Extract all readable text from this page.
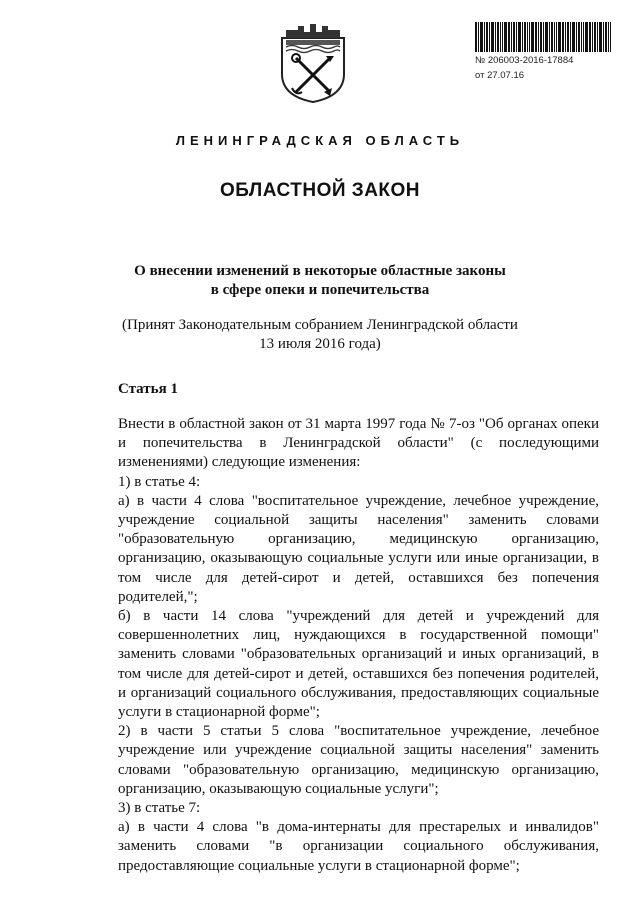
№ 206003-2016-17884
от 27.07.16
ЛЕНИНГРАДСКАЯ ОБЛАСТЬ
ОБЛАСТНОЙ ЗАКОН
О внесении изменений в некоторые областные законы
в сфере опеки и попечительства
(Принят Законодательным собранием Ленинградской области
13 июля 2016 года)
Статья 1

Внести в областной закон от 31 марта 1997 года № 7-оз "Об органах опеки и попечительства в Ленинградской области" (с последующими изменениями) следующие изменения:

1) в статье 4:

а) в части 4 слова "воспитательное учреждение, лечебное учреждение, учреждение социальной защиты населения" заменить словами "образовательную организацию, медицинскую организацию, организацию, оказывающую социальные услуги или иные организации, в том числе для детей-сирот и детей, оставшихся без попечения родителей,";

б) в части 14 слова "учреждений для детей и учреждений для совершеннолетних лиц, нуждающихся в государственной помощи" заменить словами "образовательных организаций и иных организаций, в том числе для детей-сирот и детей, оставшихся без попечения родителей, и организаций социального обслуживания, предоставляющих социальные услуги в стационарной форме";

2) в части 5 статьи 5 слова "воспитательное учреждение, лечебное учреждение или учреждение социальной защиты населения" заменить словами "образовательную организацию, медицинскую организацию, организацию, оказывающую социальные услуги";

3) в статье 7:

а) в части 4 слова "в дома-интернаты для престарелых и инвалидов" заменить словами "в организации социального обслуживания, предоставляющие социальные услуги в стационарной форме";
